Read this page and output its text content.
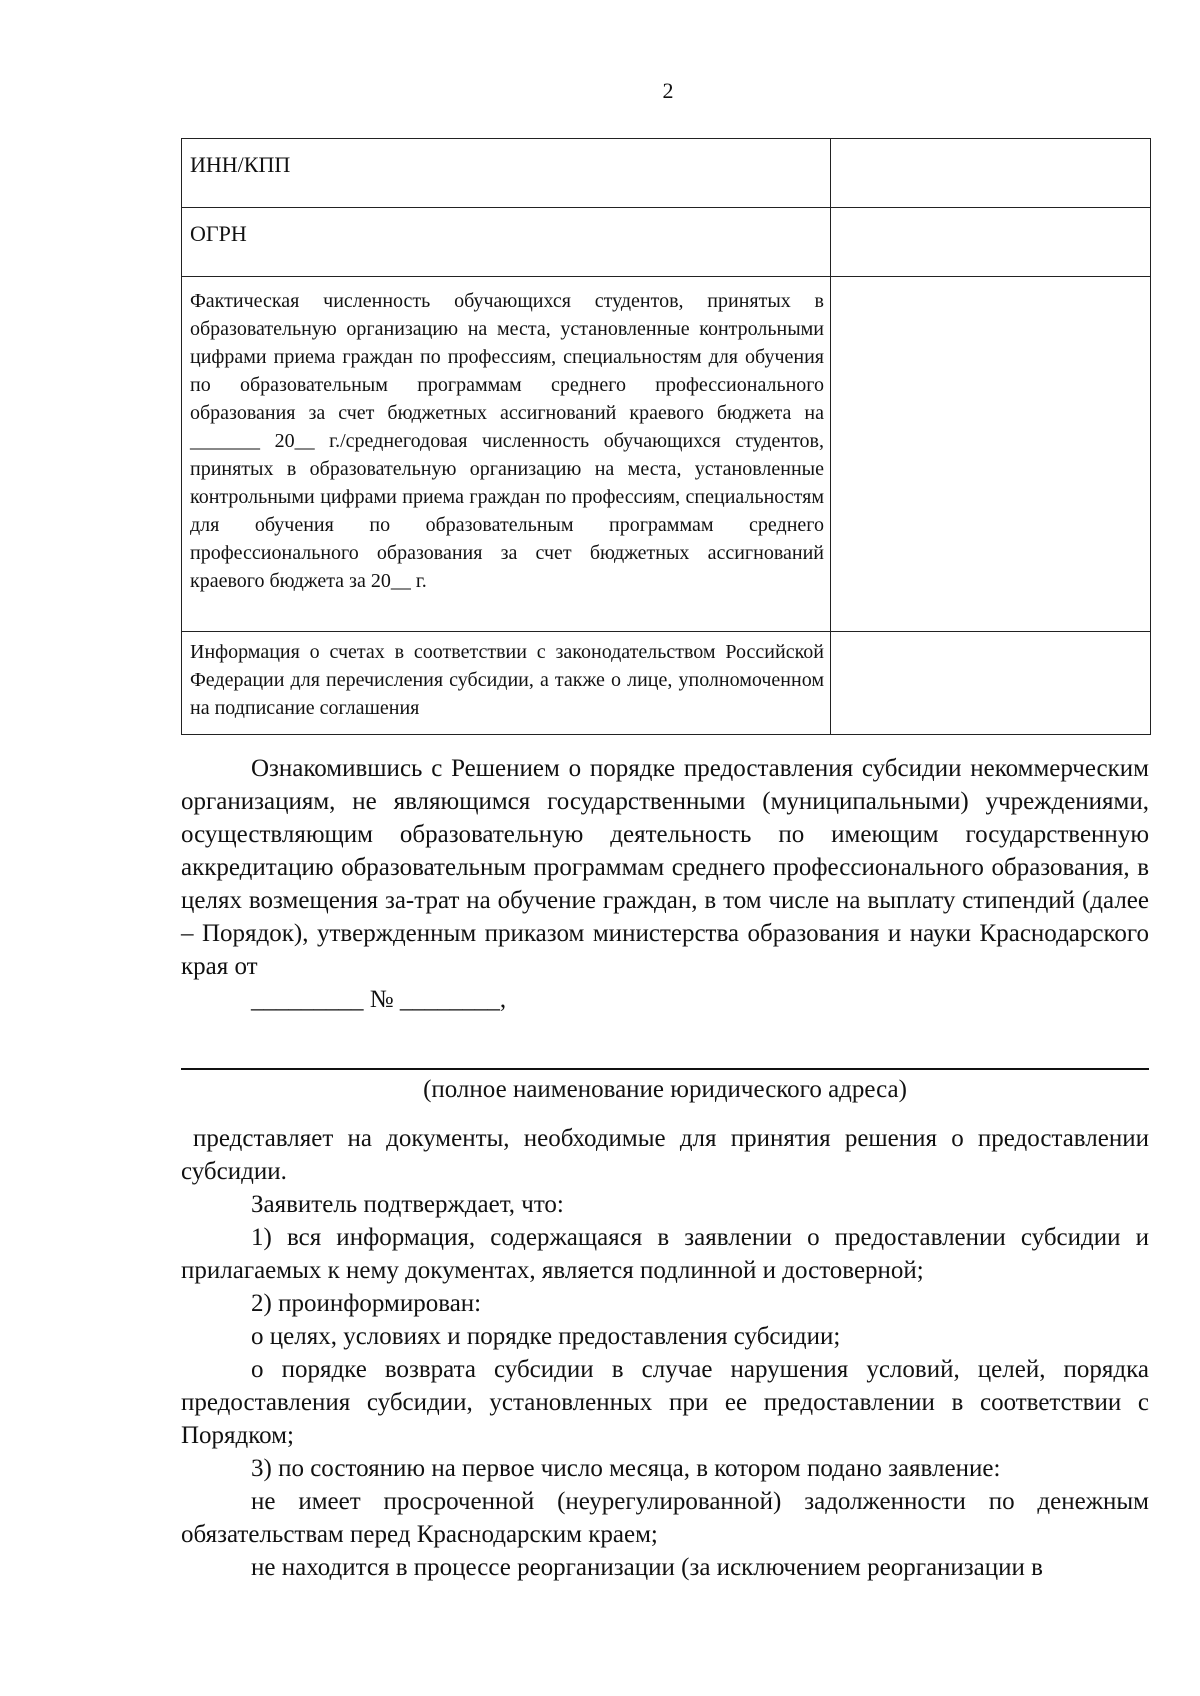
2
ИНН/КПП	
ОГРН	
Фактическая численность обучающихся студентов, принятых в образовательную организацию на места, установленные контрольными цифрами приема граждан по профессиям, специальностям для обучения по образовательным программам среднего профессионального образования за счет бюджетных ассигнований краевого бюджета на _______ 20__ г./среднегодовая численность обучающихся студентов, принятых в образовательную организацию на места, установленные контрольными цифрами приема граждан по профессиям, специальностям для обучения по образовательным программам среднего профессионального образования за счет бюджетных ассигнований краевого бюджета за 20__ г.	
Информация о счетах в соответствии с законодательством Российской Федерации для перечисления субсидии, а также о лице, уполномоченном на подписание соглашения	

Ознакомившись с Решением о порядке предоставления субсидии некоммерческим организациям, не являющимся государственными (муниципальными) учреждениями, осуществляющим образовательную деятельность по имеющим государственную аккредитацию образовательным программам среднего профессионального образования, в целях возмещения за-трат на обучение граждан, в том числе на выплату стипендий (далее – Порядок), утвержденным приказом министерства образования и науки Краснодарского края от

_________ № ________,

(полное наименование юридического адреса)

представляет на документы, необходимые для принятия решения о предоставлении субсидии.

Заявитель подтверждает, что:

1) вся информация, содержащаяся в заявлении о предоставлении субсидии и прилагаемых к нему документах, является подлинной и достоверной;

2) проинформирован:

о целях, условиях и порядке предоставления субсидии;

о порядке возврата субсидии в случае нарушения условий, целей, порядка предоставления субсидии, установленных при ее предоставлении в соответствии с Порядком;

3) по состоянию на первое число месяца, в котором подано заявление:

не имеет просроченной (неурегулированной) задолженности по денежным обязательствам перед Краснодарским краем;

не находится в процессе реорганизации (за исключением реорганизации в
